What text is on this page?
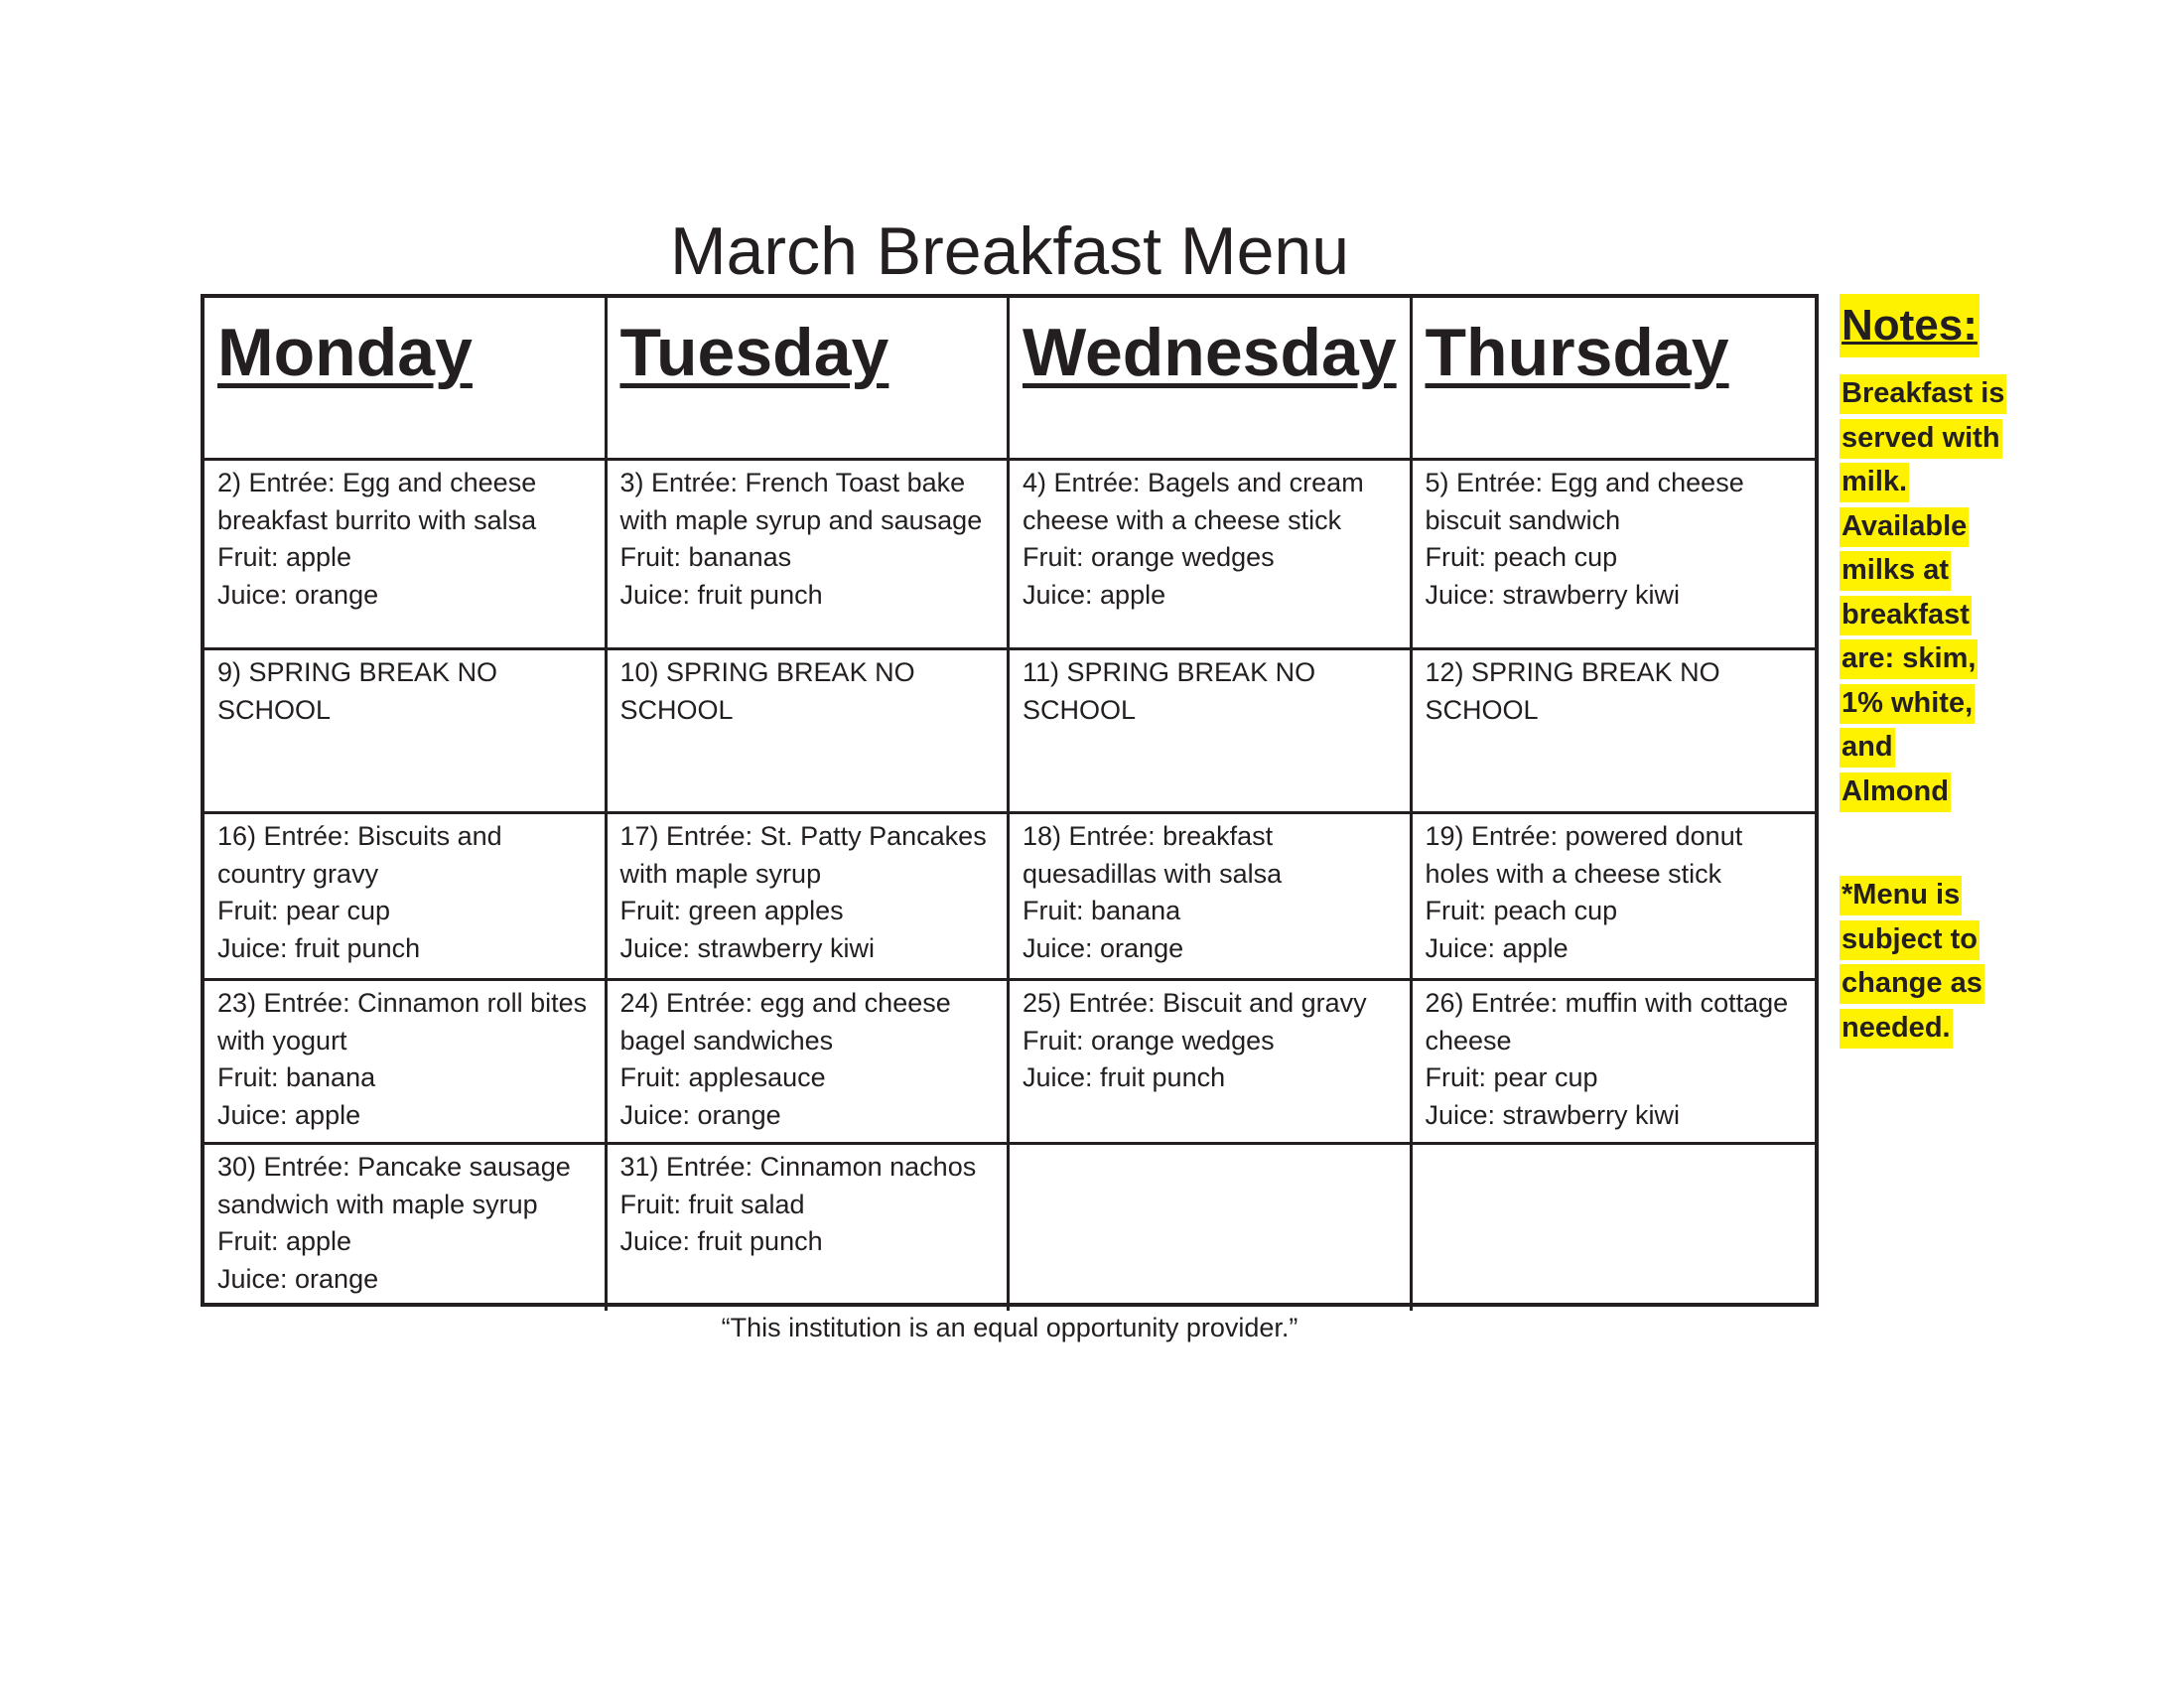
March Breakfast Menu
Monday	Tuesday	Wednesday Thursday
2) Entrée: Egg and cheese breakfast burrito with salsa
Fruit: apple
Juice: orange
3) Entrée: French Toast bake with maple syrup and sausage
Fruit: bananas
Juice: fruit punch
4) Entrée: Bagels and cream cheese with a cheese stick
Fruit: orange wedges
Juice: apple
5) Entrée: Egg and cheese biscuit sandwich
Fruit: peach cup
Juice: strawberry kiwi
9) SPRING BREAK NO SCHOOL
10) SPRING BREAK NO SCHOOL
11) SPRING BREAK NO SCHOOL
12) SPRING BREAK NO SCHOOL
16) Entrée: Biscuits and country gravy
Fruit: pear cup
Juice: fruit punch
17) Entrée: St. Patty Pancakes with maple syrup
Fruit: green apples
Juice: strawberry kiwi
18) Entrée: breakfast quesadillas with salsa
Fruit: banana
Juice: orange
19) Entrée: powered donut holes with a cheese stick
Fruit: peach cup
Juice: apple
23) Entrée: Cinnamon roll bites with yogurt
Fruit: banana
Juice: apple
24) Entrée: egg and cheese bagel sandwiches
Fruit: applesauce
Juice: orange
25) Entrée: Biscuit and gravy
Fruit: orange wedges
Juice: fruit punch
26) Entrée: muffin with cottage cheese
Fruit: pear cup
Juice: strawberry kiwi
30) Entrée: Pancake sausage sandwich with maple syrup
Fruit: apple
Juice: orange
31) Entrée: Cinnamon nachos
Fruit: fruit salad
Juice: fruit punch
“This institution is an equal opportunity provider.”
Notes:
Breakfast is served with milk. Available milks at breakfast are: skim, 1% white, and Almond
*Menu is subject to change as needed.
